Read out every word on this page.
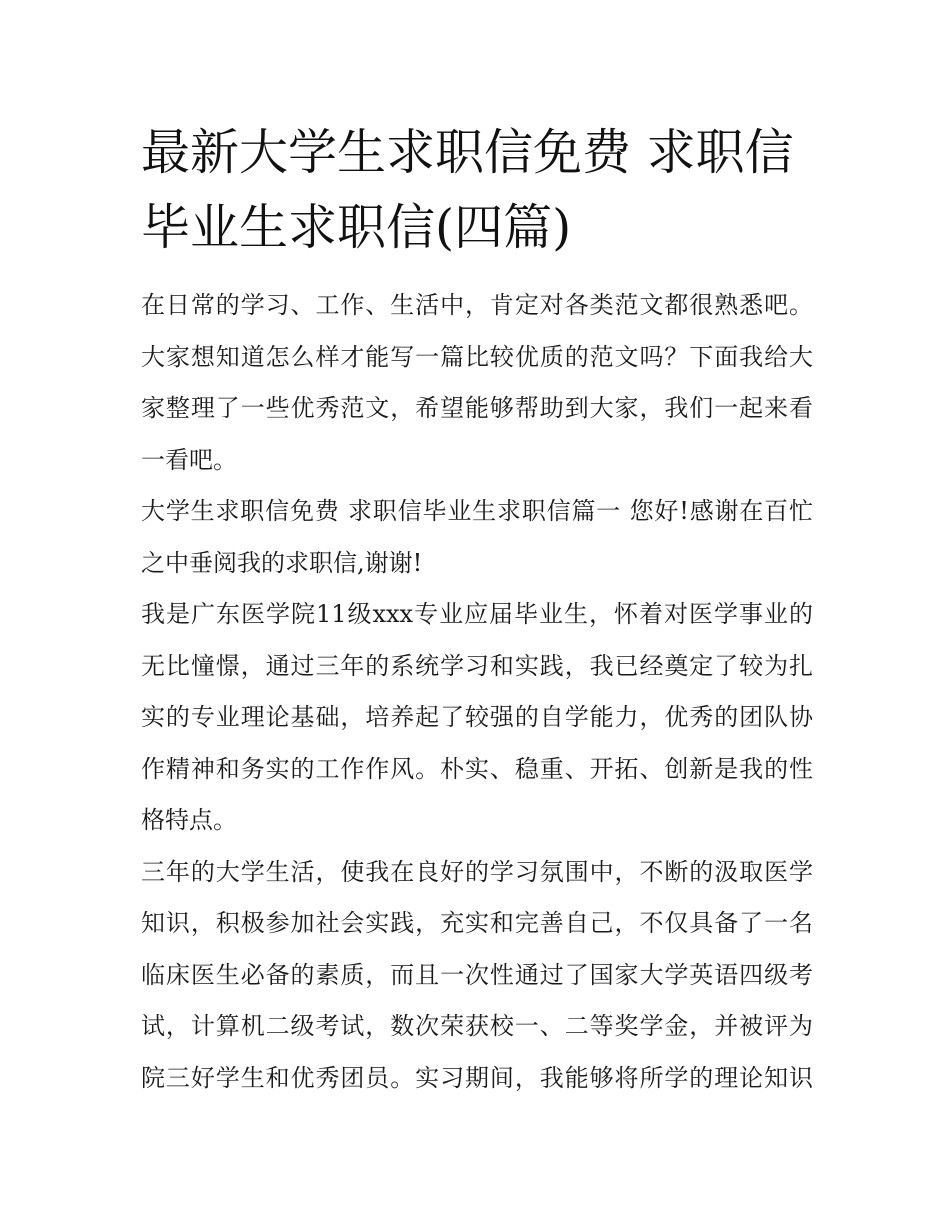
最新大学生求职信免费 求职信
毕业生求职信(四篇)

在日常的学习、工作、生活中，肯定对各类范文都很熟悉吧。
大家想知道怎么样才能写一篇比较优质的范文吗？下面我给大
家整理了一些优秀范文，希望能够帮助到大家，我们一起来看
一看吧。

大学生求职信免费 求职信毕业生求职信篇一 您好!感谢在百忙
之中垂阅我的求职信,谢谢!

我是广东医学院11级xxx专业应届毕业生，怀着对医学事业的
无比憧憬，通过三年的系统学习和实践，我已经奠定了较为扎
实的专业理论基础，培养起了较强的自学能力，优秀的团队协
作精神和务实的工作作风。朴实、稳重、开拓、创新是我的性
格特点。

三年的大学生活，使我在良好的学习氛围中，不断的汲取医学
知识，积极参加社会实践，充实和完善自己，不仅具备了一名
临床医生必备的素质，而且一次性通过了国家大学英语四级考
试，计算机二级考试，数次荣获校一、二等奖学金，并被评为
院三好学生和优秀团员。实习期间，我能够将所学的理论知识
